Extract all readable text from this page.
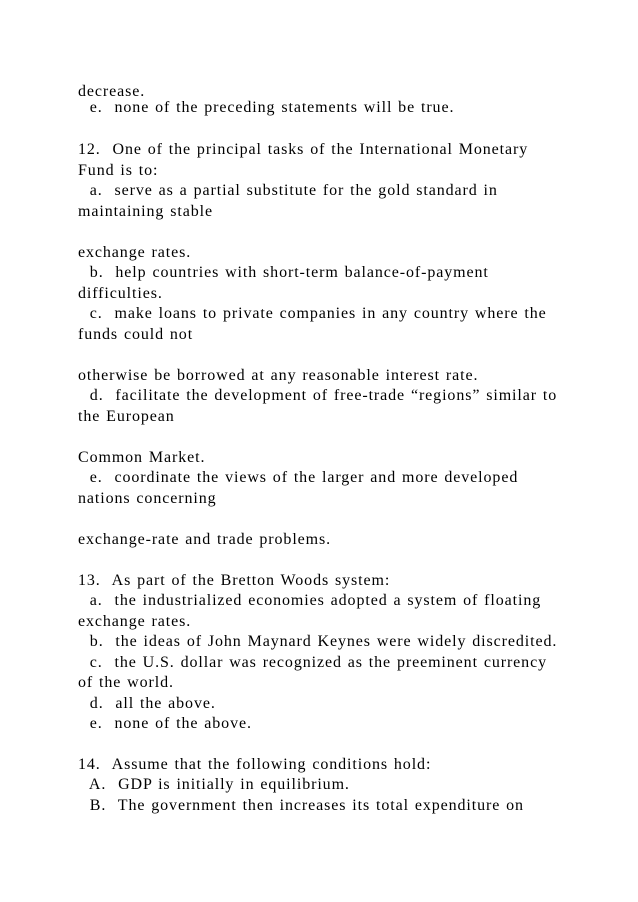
decrease.
e.  none of the preceding statements will be true.
12.  One of the principal tasks of the International Monetary
Fund is to:
a.  serve as a partial substitute for the gold standard in
maintaining stable
exchange rates.
b.  help countries with short-term balance-of-payment
difficulties.
c.  make loans to private companies in any country where the
funds could not
otherwise be borrowed at any reasonable interest rate.
d.  facilitate the development of free-trade “regions” similar to
the European
Common Market.
e.  coordinate the views of the larger and more developed
nations concerning
exchange-rate and trade problems.
13.  As part of the Bretton Woods system:
a.  the industrialized economies adopted a system of floating
exchange rates.
b.  the ideas of John Maynard Keynes were widely discredited.
c.  the U.S. dollar was recognized as the preeminent currency
of the world.
d.  all the above.
e.  none of the above.
14.  Assume that the following conditions hold:
A.  GDP is initially in equilibrium.
B.  The government then increases its total expenditure on
